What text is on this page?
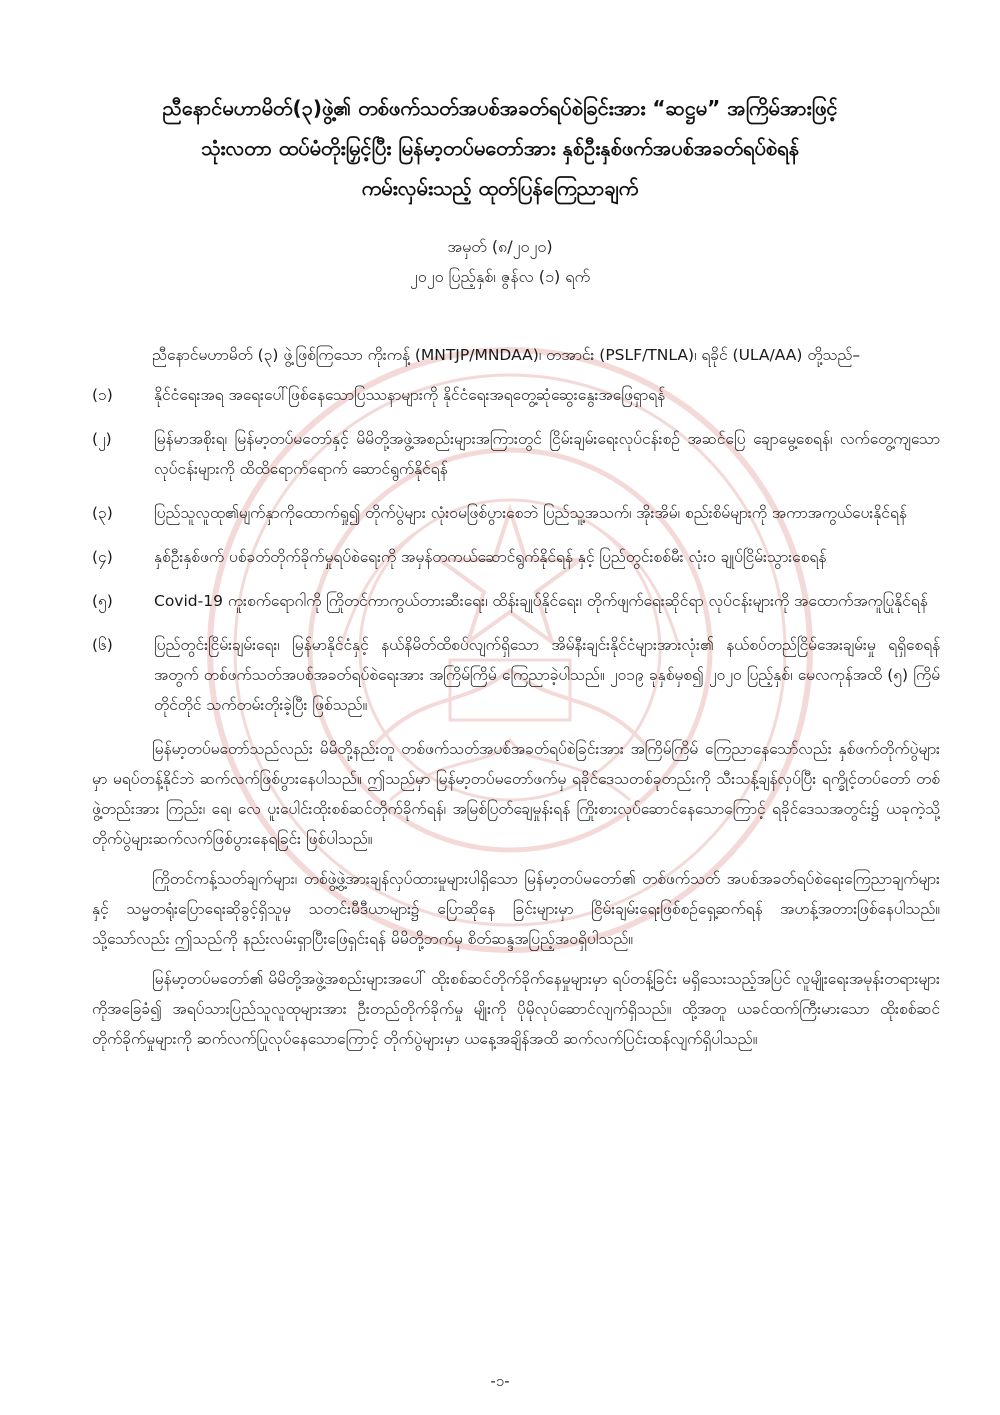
ညီနောင်မဟာမိတ်(၃)ဖွဲ့၏ တစ်ဖက်သတ်အပစ်အခတ်ရပ်စဲခြင်းအား “ဆဋ္ဌမ” အကြိမ်အားဖြင့်
သုံးလတာ ထပ်မံတိုးမြှင့်ပြီး မြန်မာ့တပ်မတော်အား နှစ်ဦးနှစ်ဖက်အပစ်အခတ်ရပ်စဲရန်
ကမ်းလှမ်းသည့် ထုတ်ပြန်ကြေညာချက်
အမှတ် (၈/၂၀၂၀)
၂၀၂၀ ပြည့်နှစ်၊ ဇွန်လ (၁) ရက်

ညီနောင်မဟာမိတ် (၃) ဖွဲ့ဖြစ်ကြသော ကိုးကန့် (MNTJP/MNDAA)၊ တအာင်း (PSLF/TNLA)၊ ရခိုင် (ULA/AA) တို့သည်–

(၁)	နိုင်ငံရေးအရ အရေးပေါ်ဖြစ်နေသောပြဿနာများကို နိုင်ငံရေးအရတွေ့ဆုံဆွေးနွေးအဖြေရှာရန်
(၂)	မြန်မာအစိုးရ၊ မြန်မာ့တပ်မတော်နှင့် မိမိတို့အဖွဲ့အစည်းများအကြားတွင် ငြိမ်းချမ်းရေးလုပ်ငန်းစဉ် အဆင်ပြေ ချောမွေ့စေရန်၊ လက်တွေ့ကျသောလုပ်ငန်းများကို ထိထိရောက်ရောက် ဆောင်ရွက်နိုင်ရန်
(၃)	ပြည်သူလူထု၏မျက်နှာကိုထောက်ရှု၍ တိုက်ပွဲများ လုံး၀မဖြစ်ပွားစေဘဲ ပြည်သူ့အသက်၊ အိုးအိမ်၊ စည်းစိမ်များကို အကာအကွယ်ပေးနိုင်ရန်
(၄)	နှစ်ဦးနှစ်ဖက် ပစ်ခတ်တိုက်ခိုက်မှုရပ်စဲရေးကို အမှန်တကယ်ဆောင်ရွက်နိုင်ရန် နှင့် ပြည်တွင်းစစ်မီး လုံး၀ ချုပ်ငြိမ်းသွားစေရန်
(၅)	Covid-19 ကူးစက်ရောဂါကို ကြိုတင်ကာကွယ်တားဆီးရေး၊ ထိန်းချုပ်နိုင်ရေး၊ တိုက်ဖျက်ရေးဆိုင်ရာ လုပ်ငန်းများကို အထောက်အကူပြုနိုင်ရန်
(၆)	ပြည်တွင်းငြိမ်းချမ်းရေး၊ မြန်မာနိုင်ငံနှင့် နယ်နိမိတ်ထိစပ်လျက်ရှိသော အိမ်နီးချင်းနိုင်ငံများအားလုံး၏ နယ်စပ်တည်ငြိမ်အေးချမ်းမှု ရရှိစေရန်အတွက် တစ်ဖက်သတ်အပစ်အခတ်ရပ်စဲရေးအား အကြိမ်ကြိမ် ကြေညာခဲ့ပါသည်။ ၂၀၁၉ ခုနှစ်မှစ၍ ၂၀၂၀ ပြည့်နှစ်၊ မေလကုန်အထိ (၅) ကြိမ်တိုင်တိုင် သက်တမ်းတိုးခဲ့ပြီး ဖြစ်သည်။

မြန်မာ့တပ်မတော်သည်လည်း မိမိတို့နည်းတူ တစ်ဖက်သတ်အပစ်အခတ်ရပ်စဲခြင်းအား အကြိမ်ကြိမ် ကြေညာနေသော်လည်း နှစ်ဖက်တိုက်ပွဲများမှာ မရပ်တန့်နိုင်ဘဲ ဆက်လက်ဖြစ်ပွားနေပါသည်။ ဤသည်မှာ မြန်မာ့တပ်မတော်ဖက်မှ ရခိုင်ဒေသတစ်ခုတည်းကို သီးသန့်ချန်လှပ်ပြီး ရက္ခိုင့်တပ်တော် တစ်ဖွဲ့တည်းအား ကြည်း၊ ရေ၊ လေ ပူးပေါင်းထိုးစစ်ဆင်တိုက်ခိုက်ရန်၊ အမြစ်ပြတ်ချေမှုန်းရန် ကြိုးစားလုပ်ဆောင်နေသောကြောင့် ရခိုင်ဒေသအတွင်း၌ ယခုကဲ့သို့ တိုက်ပွဲများဆက်လက်ဖြစ်ပွားနေရခြင်း ဖြစ်ပါသည်။

ကြိုတင်ကန့်သတ်ချက်များ၊ တစ်ဖွဲ့ဖွဲ့အားချန်လှပ်ထားမှုများပါရှိသော မြန်မာ့တပ်မတော်၏ တစ်ဖက်သတ် အပစ်အခတ်ရပ်စဲရေးကြေညာချက်များနှင့် သမ္မတရုံးပြောရေးဆိုခွင့်ရှိသူမှ သတင်းမီဒီယာများ၌ ပြောဆိုနေ ခြင်းများမှာ ငြိမ်းချမ်းရေးဖြစ်စဉ်ရှေ့ဆက်ရန် အဟန့်အတားဖြစ်နေပါသည်။ သို့သော်လည်း ဤသည်ကို နည်းလမ်းရှာပြီးဖြေရှင်းရန် မိမိတို့ဘက်မှ စိတ်ဆန္ဒအပြည့်အ၀ရှိပါသည်။

မြန်မာ့တပ်မတော်၏ မိမိတို့အဖွဲ့အစည်းများအပေါ် ထိုးစစ်ဆင်တိုက်ခိုက်နေမှုများမှာ ရပ်တန့်ခြင်း မရှိသေးသည့်အပြင် လူမျိုးရေးအမုန်းတရားများကိုအခြေခံ၍ အရပ်သားပြည်သူလူထုများအား ဦးတည်တိုက်ခိုက်မှု မျိုးကို ပိုမိုလုပ်ဆောင်လျက်ရှိသည်။ ထို့အတူ ယခင်ထက်ကြီးမားသော ထိုးစစ်ဆင်တိုက်ခိုက်မှုများကို ဆက်လက်ပြုလုပ်နေသောကြောင့် တိုက်ပွဲများမှာ ယနေ့အချိန်အထိ ဆက်လက်ပြင်းထန်လျက်ရှိပါသည်။

-၁-
